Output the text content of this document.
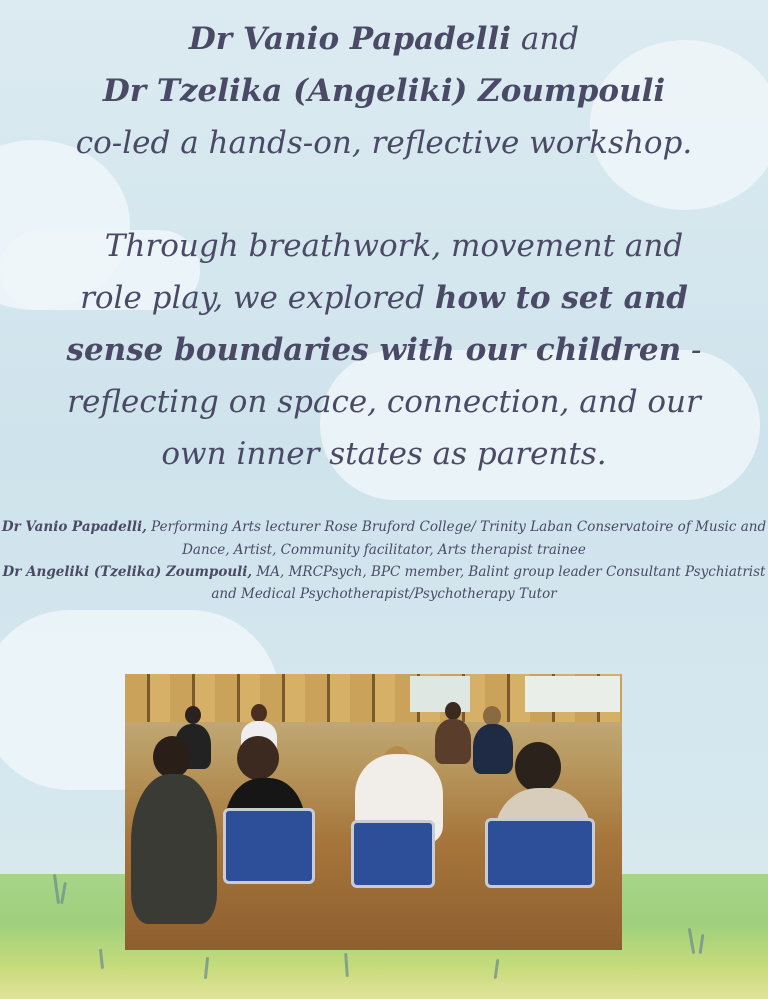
Dr Vanio Papadelli and
Dr Tzelika (Angeliki) Zoumpouli
co-led a hands-on, reflective workshop.
Through breathwork, movement and
role play, we explored how to set and
sense boundaries with our children -
reflecting on space, connection, and our
own inner states as parents.
Dr Vanio Papadelli, Performing Arts lecturer Rose Bruford College/ Trinity Laban Conservatoire of Music and
Dance, Artist, Community facilitator, Arts therapist trainee
Dr Angeliki (Tzelika) Zoumpouli, MA, MRCPsych, BPC member, Balint group leader Consultant Psychiatrist
and Medical Psychotherapist/Psychotherapy Tutor
